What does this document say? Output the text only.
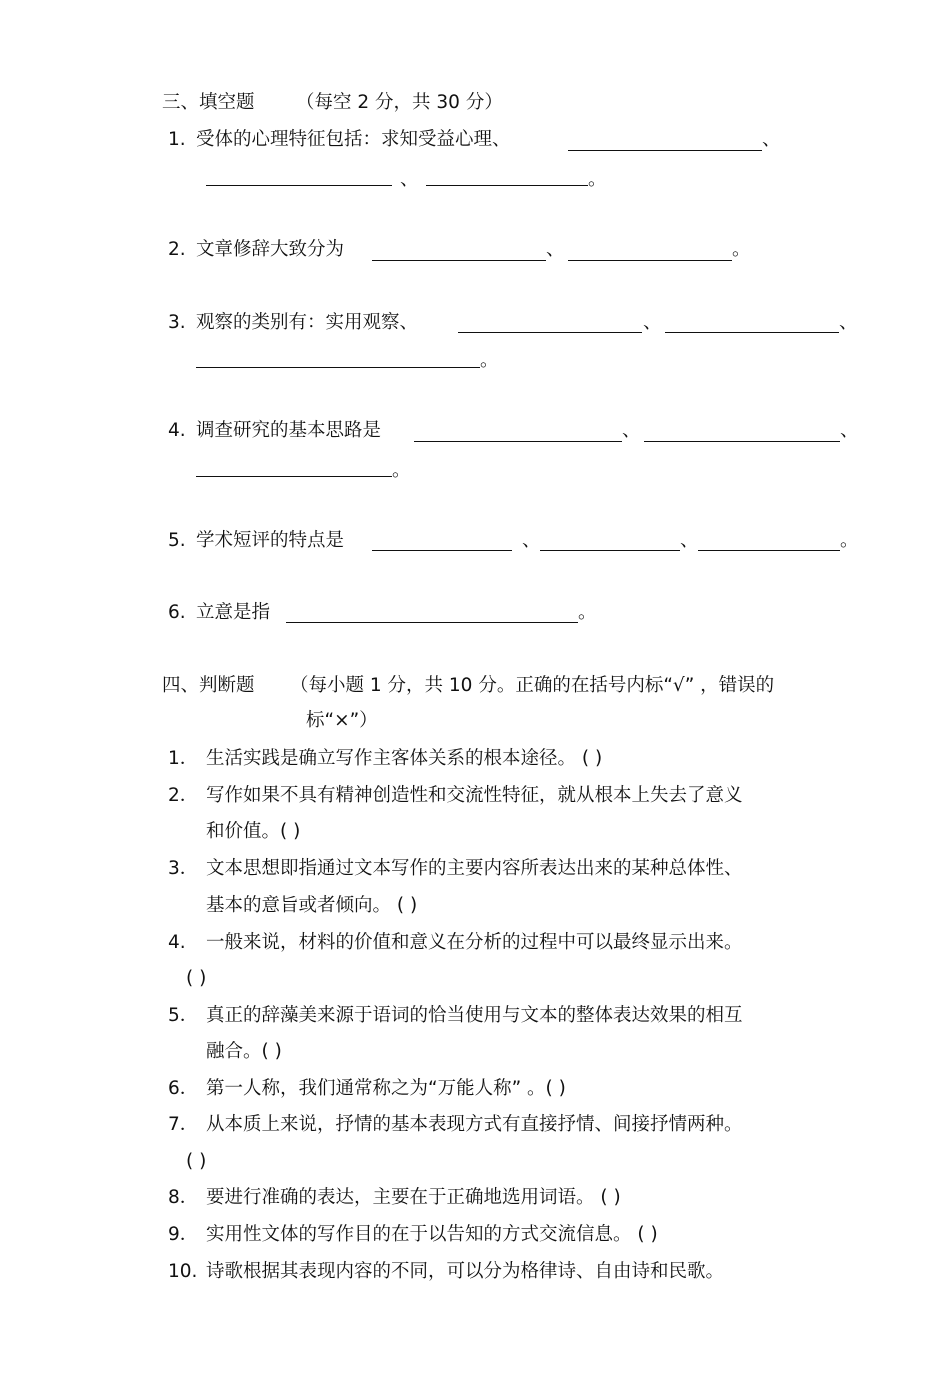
三、填空题 （每空 2 分，共 30 分）
1. 受体的心理特征包括：求知受益心理、	、
、	。
2. 文章修辞大致分为	、	。
3. 观察的类别有：实用观察、	、	、
。
4. 调查研究的基本思路是	、	、
。
5. 学术短评的特点是	、	、	。
6. 立意是指	。
四、判断题 （每小题 1 分，共 10 分。正确的在括号内标“√” ，错误的
标“×”）
1． 生活实践是确立写作主客体关系的根本途径。 ( )
2． 写作如果不具有精神创造性和交流性特征，就从根本上失去了意义
和价值。( )
3． 文本思想即指通过文本写作的主要内容所表达出来的某种总体性、
基本的意旨或者倾向。 ( )
4. 一般来说，材料的价值和意义在分析的过程中可以最终显示出来。
( )
5． 真正的辞藻美来源于语词的恰当使用与文本的整体表达效果的相互
融合。( )
6． 第一人称，我们通常称之为“万能人称” 。( )
7． 从本质上来说，抒情的基本表现方式有直接抒情、间接抒情两种。
( )
8． 要进行准确的表达，主要在于正确地选用词语。 ( )
9． 实用性文体的写作目的在于以告知的方式交流信息。 ( )
10. 诗歌根据其表现内容的不同，可以分为格律诗、自由诗和民歌。
